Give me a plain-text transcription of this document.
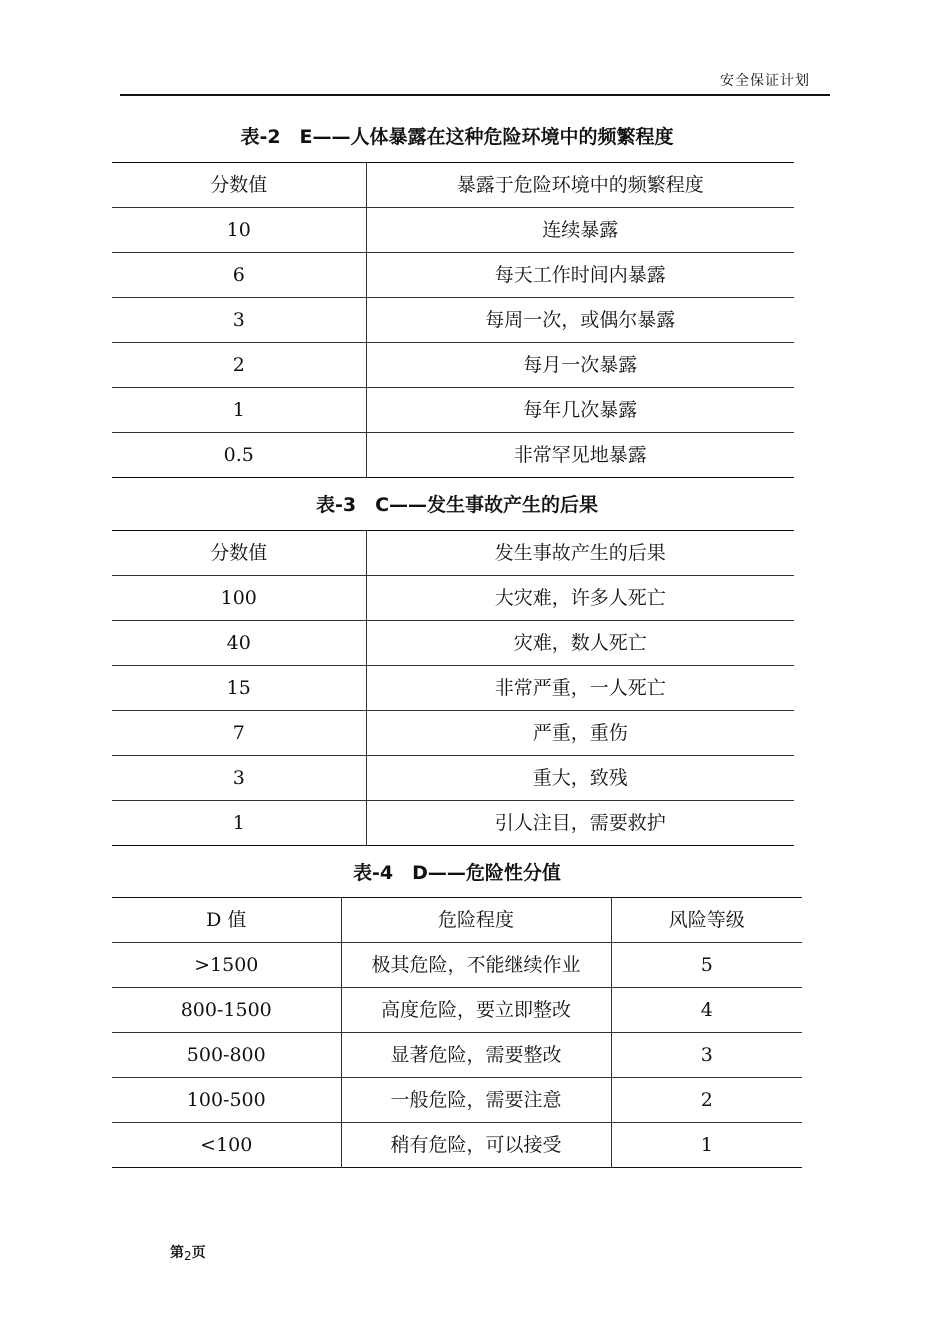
安全保证计划
表-2　E——人体暴露在这种危险环境中的频繁程度
分数值	暴露于危险环境中的频繁程度
10	连续暴露
6	每天工作时间内暴露
3	每周一次，或偶尔暴露
2	每月一次暴露
1	每年几次暴露
0.5	非常罕见地暴露
表-3　C——发生事故产生的后果
分数值	发生事故产生的后果
100	大灾难，许多人死亡
40	灾难，数人死亡
15	非常严重，一人死亡
7	严重，重伤
3	重大，致残
1	引人注目，需要救护
表-4　D——危险性分值
D 值	危险程度	风险等级
>1500	极其危险，不能继续作业	5
800-1500	高度危险，要立即整改	4
500-800	显著危险，需要整改	3
100-500	一般危险，需要注意	2
<100	稍有危险，可以接受	1
第2页
